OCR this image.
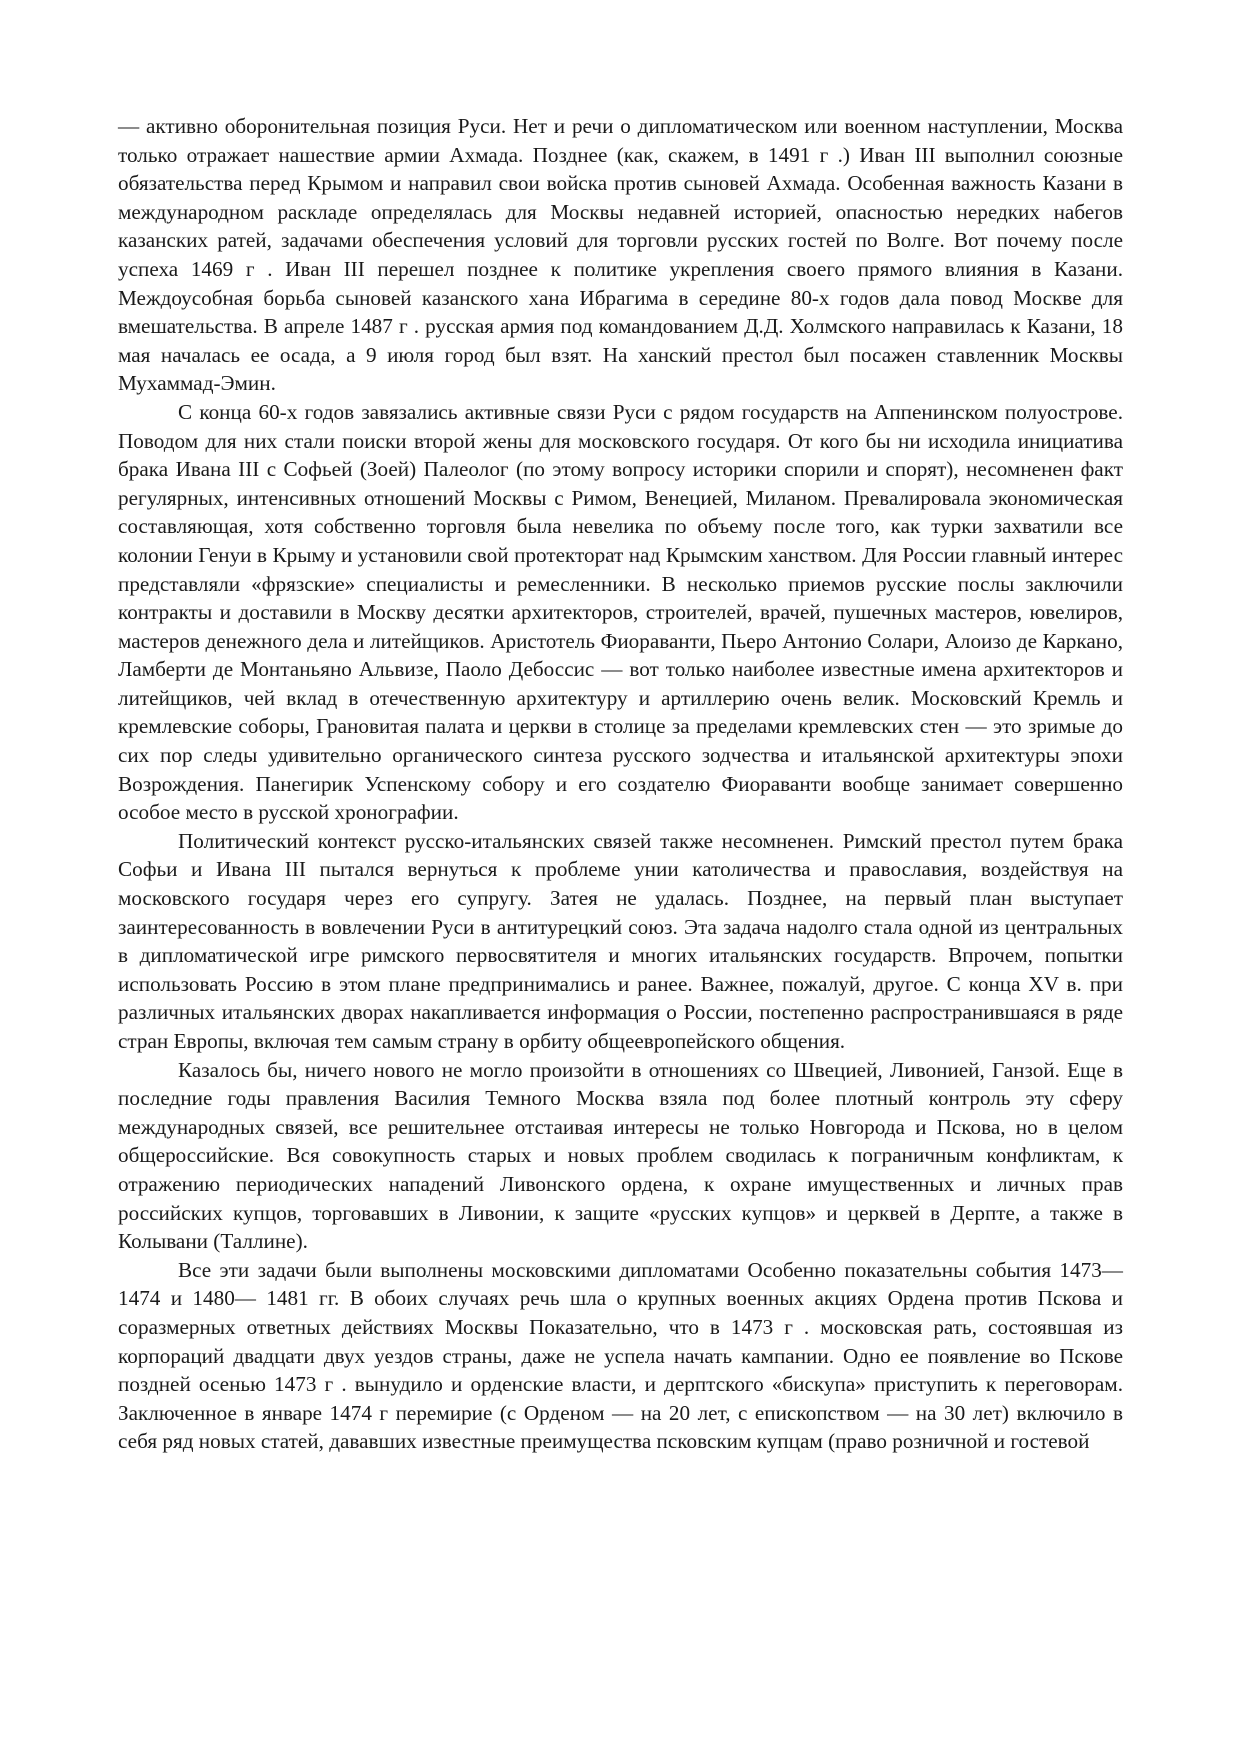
— активно оборонительная позиция Руси. Нет и речи о дипломатическом или военном наступлении, Москва только отражает нашествие армии Ахмада. Позднее (как, скажем, в 1491 г .) Иван III выполнил союзные обязательства перед Крымом и направил свои войска против сыновей Ахмада. Особенная важность Казани в международном раскладе определялась для Москвы недавней историей, опасностью нередких набегов казанских ратей, задачами обеспечения условий для торговли русских гостей по Волге. Вот почему после успеха 1469 г . Иван III перешел позднее к политике укрепления своего прямого влияния в Казани. Междоусобная борьба сыновей казанского хана Ибрагима в середине 80-х годов дала повод Москве для вмешательства. В апреле 1487 г . русская армия под командованием Д.Д. Холмского направилась к Казани, 18 мая началась ее осада, а 9 июля город был взят. На ханский престол был посажен ставленник Москвы Мухаммад-Эмин.

С конца 60-х годов завязались активные связи Руси с рядом государств на Аппенинском полуострове. Поводом для них стали поиски второй жены для московского государя. От кого бы ни исходила инициатива брака Ивана III с Софьей (Зоей) Палеолог (по этому вопросу историки спорили и спорят), несомненен факт регулярных, интенсивных отношений Москвы с Римом, Венецией, Миланом. Превалировала экономическая составляющая, хотя собственно торговля была невелика по объему после того, как турки захватили все колонии Генуи в Крыму и установили свой протекторат над Крымским ханством. Для России главный интерес представляли «фрязские» специалисты и ремесленники. В несколько приемов русские послы заключили контракты и доставили в Москву десятки архитекторов, строителей, врачей, пушечных мастеров, ювелиров, мастеров денежного дела и литейщиков. Аристотель Фиораванти, Пьеро Антонио Солари, Алоизо де Каркано, Ламберти де Монтаньяно Альвизе, Паоло Дебоссис — вот только наиболее известные имена архитекторов и литейщиков, чей вклад в отечественную архитектуру и артиллерию очень велик. Московский Кремль и кремлевские соборы, Грановитая палата и церкви в столице за пределами кремлевских стен — это зримые до сих пор следы удивительно органического синтеза русского зодчества и итальянской архитектуры эпохи Возрождения. Панегирик Успенскому собору и его создателю Фиораванти вообще занимает совершенно особое место в русской хронографии.

Политический контекст русско-итальянских связей также несомненен. Римский престол путем брака Софьи и Ивана III пытался вернуться к проблеме унии католичества и православия, воздействуя на московского государя через его супругу. Затея не удалась. Позднее, на первый план выступает заинтересованность в вовлечении Руси в антитурецкий союз. Эта задача надолго стала одной из центральных в дипломатической игре римского первосвятителя и многих итальянских государств. Впрочем, попытки использовать Россию в этом плане предпринимались и ранее. Важнее, пожалуй, другое. С конца XV в. при различных итальянских дворах накапливается информация о России, постепенно распространившаяся в ряде стран Европы, включая тем самым страну в орбиту общеевропейского общения.

Казалось бы, ничего нового не могло произойти в отношениях со Швецией, Ливонией, Ганзой. Еще в последние годы правления Василия Темного Москва взяла под более плотный контроль эту сферу международных связей, все решительнее отстаивая интересы не только Новгорода и Пскова, но в целом общероссийские. Вся совокупность старых и новых проблем сводилась к пограничным конфликтам, к отражению периодических нападений Ливонского ордена, к охране имущественных и личных прав российских купцов, торговавших в Ливонии, к защите «русских купцов» и церквей в Дерпте, а также в Колывани (Таллине).

Все эти задачи были выполнены московскими дипломатами Особенно показательны события 1473—1474 и 1480— 1481 гг. В обоих случаях речь шла о крупных военных акциях Ордена против Пскова и соразмерных ответных действиях Москвы Показательно, что в 1473 г . московская рать, состоявшая из корпораций двадцати двух уездов страны, даже не успела начать кампании. Одно ее появление во Пскове поздней осенью 1473 г . вынудило и орденские власти, и дерптского «бискупа» приступить к переговорам. Заключенное в январе 1474 г перемирие (с Орденом — на 20 лет, с епископством — на 30 лет) включило в себя ряд новых статей, дававших известные преимущества псковским купцам (право розничной и гостевой
